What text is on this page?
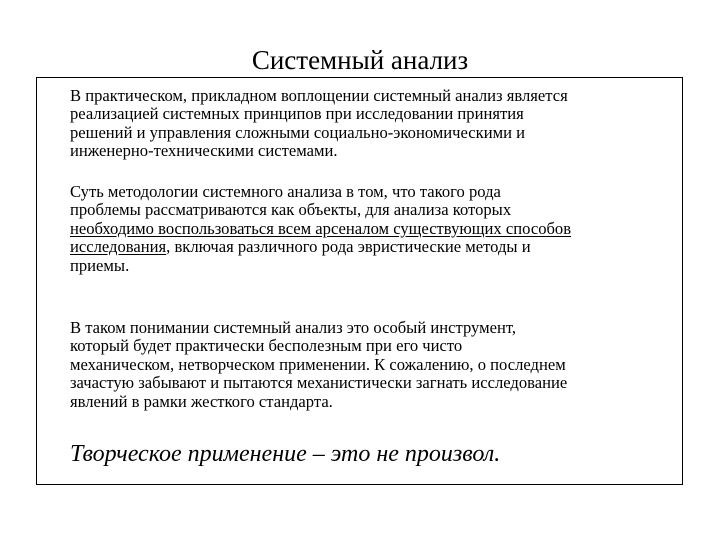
Системный анализ

В практическом, прикладном воплощении системный анализ является
реализацией системных принципов при исследовании принятия
решений и управления сложными социально-экономическими и
инженерно-техническими системами.

Суть методологии системного анализа в том, что такого рода
проблемы рассматриваются как объекты, для анализа которых
необходимо воспользоваться всем арсеналом существующих способов
исследования, включая различного рода эвристические методы и
приемы.

В таком понимании системный анализ это особый инструмент,
который будет практически бесполезным при его чисто
механическом, нетворческом применении. К сожалению, о последнем
зачастую забывают и пытаются механистически загнать исследование
явлений в рамки жесткого стандарта.

Творческое применение – это не произвол.
